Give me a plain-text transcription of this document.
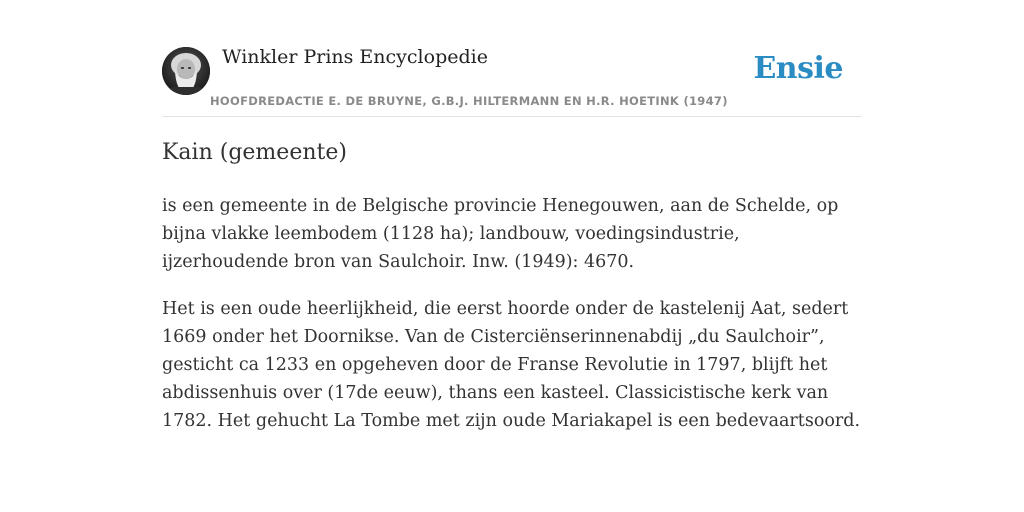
Winkler Prins Encyclopedie
HOOFDREDACTIE E. DE BRUYNE, G.B.J. HILTERMANN EN H.R. HOETINK (1947)
Ensie
Kain (gemeente)

is een gemeente in de Belgische provincie Henegouwen, aan de Schelde, op bijna vlakke leembodem (1128 ha); landbouw, voedingsindustrie, ijzerhoudende bron van Saulchoir. Inw. (1949): 4670.

Het is een oude heerlijkheid, die eerst hoorde onder de kastelenij Aat, sedert 1669 onder het Doornikse. Van de Cisterciënserinnenabdij „du Saulchoir”, gesticht ca 1233 en opgeheven door de Franse Revolutie in 1797, blijft het abdissenhuis over (17de eeuw), thans een kasteel. Classicistische kerk van 1782. Het gehucht La Tombe met zijn oude Mariakapel is een bedevaartsoord.
